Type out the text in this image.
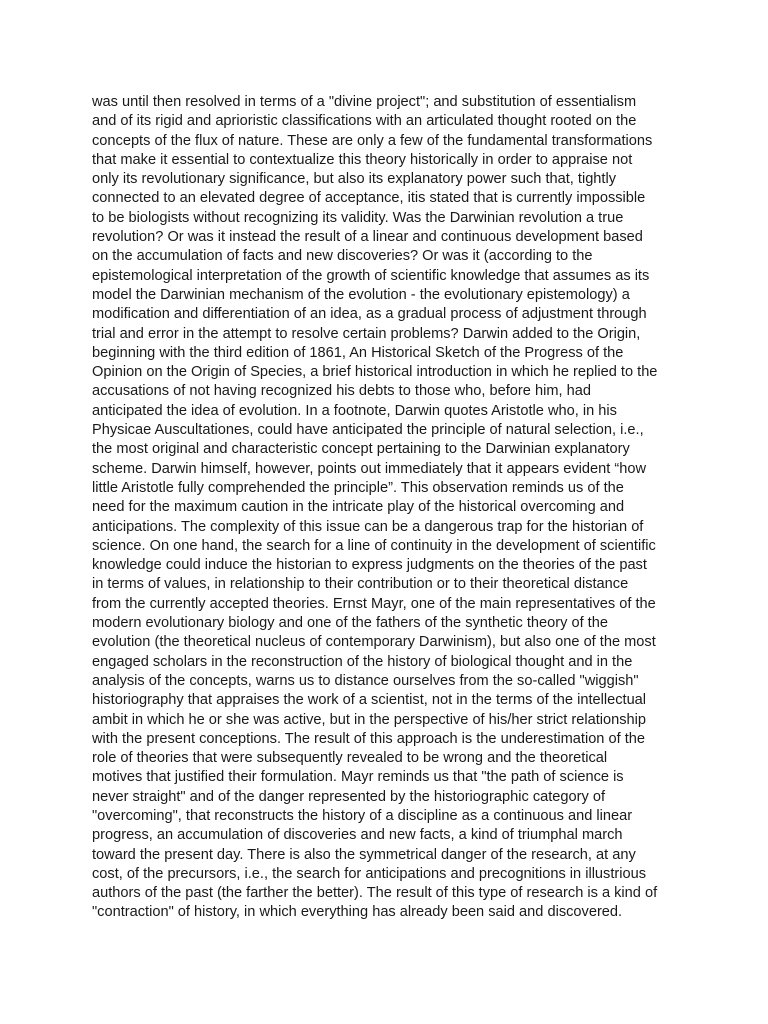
was until then resolved in terms of a "divine project"; and substitution of essentialism
and of its rigid and aprioristic classifications with an articulated thought rooted on the
concepts of the flux of nature. These are only a few of the fundamental transformations
that make it essential to contextualize this theory historically in order to appraise not
only its revolutionary significance, but also its explanatory power such that, tightly
connected to an elevated degree of acceptance, itis stated that is currently impossible
to be biologists without recognizing its validity. Was the Darwinian revolution a true
revolution? Or was it instead the result of a linear and continuous development based
on the accumulation of facts and new discoveries? Or was it (according to the
epistemological interpretation of the growth of scientific knowledge that assumes as its
model the Darwinian mechanism of the evolution - the evolutionary epistemology) a
modification and differentiation of an idea, as a gradual process of adjustment through
trial and error in the attempt to resolve certain problems? Darwin added to the Origin,
beginning with the third edition of 1861, An Historical Sketch of the Progress of the
Opinion on the Origin of Species, a brief historical introduction in which he replied to the
accusations of not having recognized his debts to those who, before him, had
anticipated the idea of evolution. In a footnote, Darwin quotes Aristotle who, in his
Physicae Auscultationes, could have anticipated the principle of natural selection, i.e.,
the most original and characteristic concept pertaining to the Darwinian explanatory
scheme. Darwin himself, however, points out immediately that it appears evident “how
little Aristotle fully comprehended the principle”. This observation reminds us of the
need for the maximum caution in the intricate play of the historical overcoming and
anticipations. The complexity of this issue can be a dangerous trap for the historian of
science. On one hand, the search for a line of continuity in the development of scientific
knowledge could induce the historian to express judgments on the theories of the past
in terms of values, in relationship to their contribution or to their theoretical distance
from the currently accepted theories. Ernst Mayr, one of the main representatives of the
modern evolutionary biology and one of the fathers of the synthetic theory of the
evolution (the theoretical nucleus of contemporary Darwinism), but also one of the most
engaged scholars in the reconstruction of the history of biological thought and in the
analysis of the concepts, warns us to distance ourselves from the so-called "wiggish"
historiography that appraises the work of a scientist, not in the terms of the intellectual
ambit in which he or she was active, but in the perspective of his/her strict relationship
with the present conceptions. The result of this approach is the underestimation of the
role of theories that were subsequently revealed to be wrong and the theoretical
motives that justified their formulation. Mayr reminds us that "the path of science is
never straight" and of the danger represented by the historiographic category of
"overcoming", that reconstructs the history of a discipline as a continuous and linear
progress, an accumulation of discoveries and new facts, a kind of triumphal march
toward the present day. There is also the symmetrical danger of the research, at any
cost, of the precursors, i.e., the search for anticipations and precognitions in illustrious
authors of the past (the farther the better). The result of this type of research is a kind of
"contraction" of history, in which everything has already been said and discovered.
